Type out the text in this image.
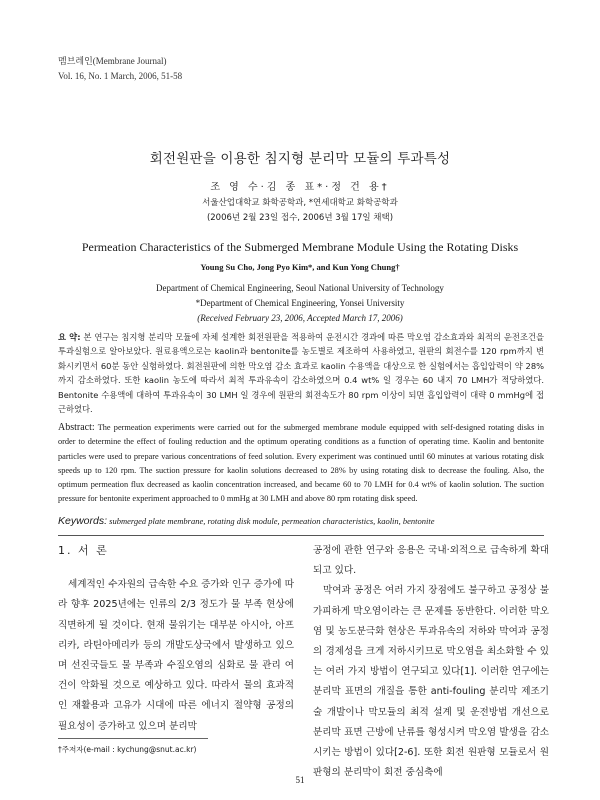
멤브레인(Membrane Journal)
Vol. 16, No. 1 March, 2006, 51-58
회전원판을 이용한 침지형 분리막 모듈의 투과특성
조 영 수·김 종 표*·정 건 용†
서울산업대학교 화학공학과, *연세대학교 화학공학과
(2006년 2월 23일 접수, 2006년 3월 17일 채택)
Permeation Characteristics of the Submerged Membrane Module Using the Rotating Disks
Young Su Cho, Jong Pyo Kim*, and Kun Yong Chung†
Department of Chemical Engineering, Seoul National University of Technology
*Department of Chemical Engineering, Yonsei University
(Received February 23, 2006, Accepted March 17, 2006)
요 약: 본 연구는 침지형 분리막 모듈에 자체 설계한 회전원판을 적용하여 운전시간 경과에 따른 막오염 감소효과와 최적의 운전조건을 투과실험으로 알아보았다. 원료용액으로는 kaolin과 bentonite를 농도별로 제조하여 사용하였고, 원판의 회전수를 120 rpm까지 변화시키면서 60분 동안 실험하였다. 회전원판에 의한 막오염 감소 효과로 kaolin 수용액을 대상으로 한 실험에서는 흡입압력이 약 28%까지 감소하였다. 또한 kaolin 농도에 따라서 최적 투과유속이 감소하였으며 0.4 wt% 일 경우는 60 내지 70 LMH가 적당하였다. Bentonite 수용액에 대하여 투과유속이 30 LMH 일 경우에 원판의 회전속도가 80 rpm 이상이 되면 흡입압력이 대략 0 mmHg에 접근하였다.
Abstract: The permeation experiments were carried out for the submerged membrane module equipped with self-designed rotating disks in order to determine the effect of fouling reduction and the optimum operating conditions as a function of operating time. Kaolin and bentonite particles were used to prepare various concentrations of feed solution. Every experiment was continued until 60 minutes at various rotating disk speeds up to 120 rpm. The suction pressure for kaolin solutions decreased to 28% by using rotating disk to decrease the fouling. Also, the optimum permeation flux decreased as kaolin concentration increased, and became 60 to 70 LMH for 0.4 wt% of kaolin solution. The suction pressure for bentonite experiment approached to 0 mmHg at 30 LMH and above 80 rpm rotating disk speed.
Keywords: submerged plate membrane, rotating disk module, permeation characteristics, kaolin, bentonite

1. 서 론

세계적인 수자원의 급속한 수요 증가와 인구 증가에 따라 향후 2025년에는 인류의 2/3 정도가 물 부족 현상에 직면하게 될 것이다. 현재 물위기는 대부분 아시아, 아프리카, 라틴아메리카 등의 개발도상국에서 발생하고 있으며 선진국들도 물 부족과 수질오염의 심화로 물 관리 여건이 악화될 것으로 예상하고 있다. 따라서 물의 효과적인 재활용과 고유가 시대에 따른 에너지 절약형 공정의 필요성이 증가하고 있으며 분리막

공정에 관한 연구와 응용은 국내·외적으로 급속하게 확대되고 있다.

막여과 공정은 여러 가지 장점에도 불구하고 공정상 불가피하게 막오염이라는 큰 문제를 동반한다. 이러한 막오염 및 농도분극화 현상은 투과유속의 저하와 막여과 공정의 경제성을 크게 저하시키므로 막오염을 최소화할 수 있는 여러 가지 방법이 연구되고 있다[1]. 이러한 연구에는 분리막 표면의 개질을 통한 anti-fouling 분리막 제조기술 개발이나 막모듈의 최적 설계 및 운전방법 개선으로 분리막 표면 근방에 난류를 형성시켜 막오염 발생을 감소시키는 방법이 있다[2-6]. 또한 회전 원판형 모듈로서 원판형의 분리막이 회전 중심축에

†주저자(e-mail : kychung@snut.ac.kr)
51
